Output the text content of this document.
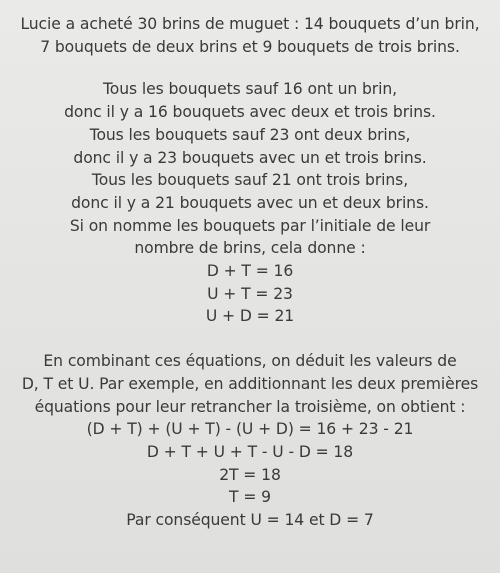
Lucie a acheté 30 brins de muguet : 14 bouquets d’un brin,
7 bouquets de deux brins et 9 bouquets de trois brins.
Tous les bouquets sauf 16 ont un brin,
donc il y a 16 bouquets avec deux et trois brins.
Tous les bouquets sauf 23 ont deux brins,
donc il y a 23 bouquets avec un et trois brins.
Tous les bouquets sauf 21 ont trois brins,
donc il y a 21 bouquets avec un et deux brins.
Si on nomme les bouquets par l’initiale de leur
nombre de brins, cela donne :
D + T = 16
U + T = 23
U + D = 21
En combinant ces équations, on déduit les valeurs de
D, T et U. Par exemple, en additionnant les deux premières
équations pour leur retrancher la troisième, on obtient :
(D + T) + (U + T) - (U + D) = 16 + 23 - 21
D + T + U + T - U - D = 18
2T = 18
T = 9
Par conséquent U = 14 et D = 7
